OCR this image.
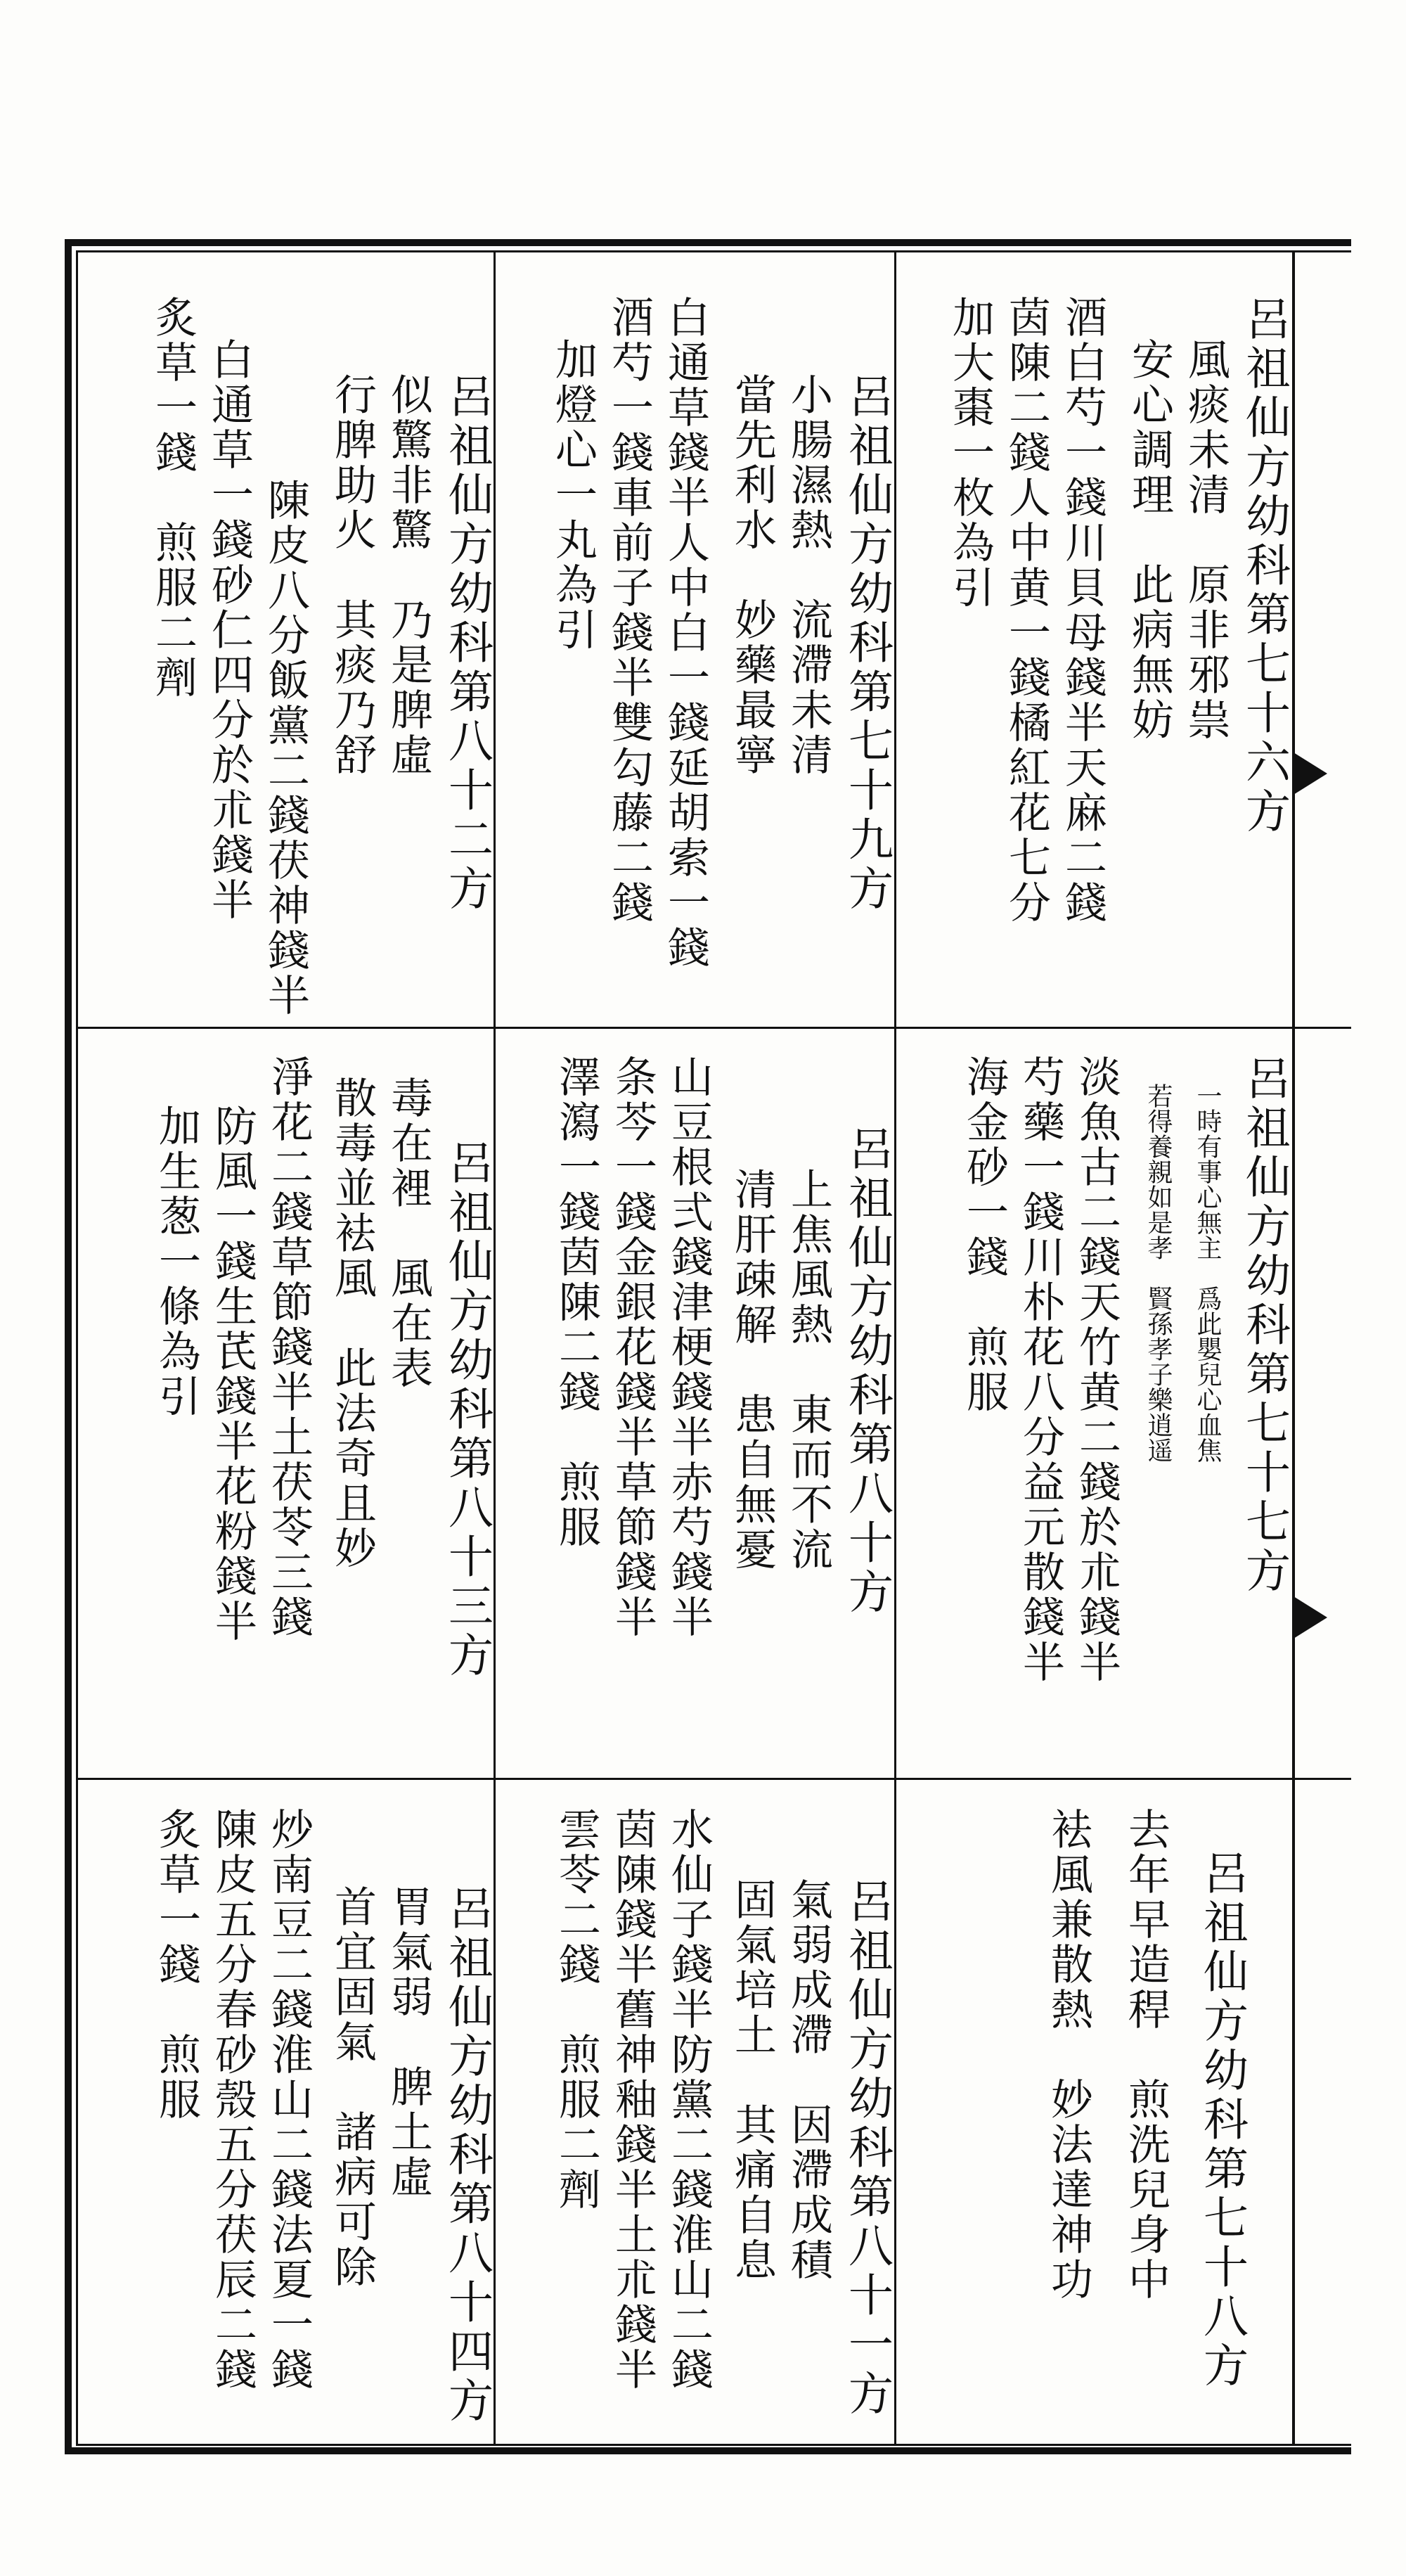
呂祖仙方幼科第七十六方
風痰未清　原非邪祟
安心調理　此病無妨
酒白芍一錢川貝母錢半天麻二錢
茵陳二錢人中黄一錢橘紅花七分
加大棗一枚為引
呂祖仙方幼科第七十九方
小腸濕熱　流滯未清
當先利水　妙藥最寧
白通草錢半人中白一錢延胡索一錢
酒芍一錢車前子錢半雙勾藤二錢
加燈心一丸為引
呂祖仙方幼科第八十二方
似驚非驚　乃是脾虛
行脾助火　其痰乃舒
陳皮八分飯黨二錢茯神錢半
白通草一錢砂仁四分於朮錢半
炙草一錢　煎服二劑
呂祖仙方幼科第七十七方
一時有事心無主　爲此嬰兒心血焦
若得養親如是孝　賢孫孝子樂逍遥
淡魚古二錢天竹黄二錢於朮錢半
芍藥一錢川朴花八分益元散錢半
海金砂一錢　煎服
呂祖仙方幼科第八十方
上焦風熱　東而不流
清肝疎解　患自無憂
山豆根弍錢津梗錢半赤芍錢半
条芩一錢金銀花錢半草節錢半
澤瀉一錢茵陳二錢　煎服
呂祖仙方幼科第八十三方
毒在裡　風在表
散毒並袪風　此法奇且妙
淨花二錢草節錢半土茯苓三錢
防風一錢生芪錢半花粉錢半
加生葱一條為引
呂祖仙方幼科第七十八方
去年早造稈　煎洗兒身中
袪風兼散熱　妙法達神功
呂祖仙方幼科第八十一方
氣弱成滯　因滯成積
固氣培土　其痛自息
水仙子錢半防黨二錢淮山二錢
茵陳錢半舊神釉錢半土朮錢半
雲苓二錢　煎服二劑
呂祖仙方幼科第八十四方
胃氣弱　脾土虛
首宜固氣　諸病可除
炒南豆二錢淮山二錢法夏一錢
陳皮五分春砂殼五分茯辰二錢
炙草一錢　煎服
